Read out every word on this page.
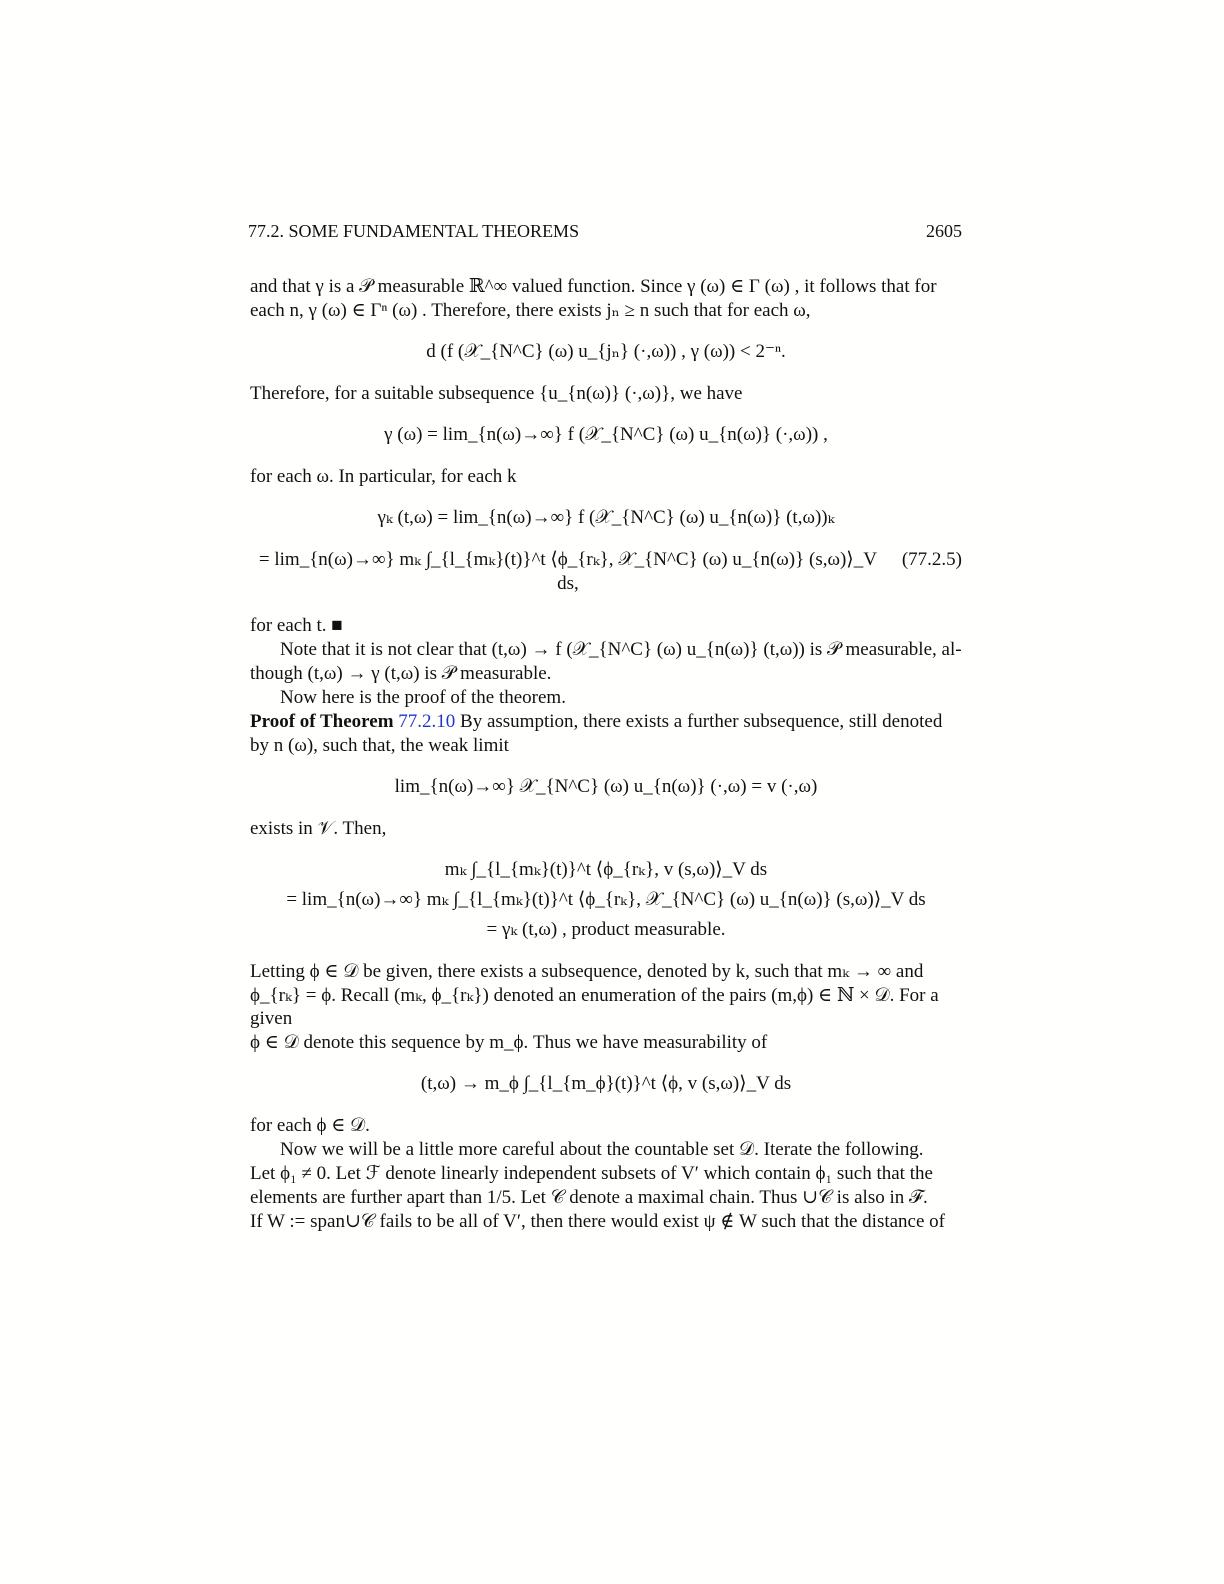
77.2. SOME FUNDAMENTAL THEOREMS	2605
and that γ is a 𝒫 measurable ℝ^∞ valued function. Since γ (ω) ∈ Γ (ω) , it follows that for
each n, γ (ω) ∈ Γⁿ (ω) . Therefore, there exists jₙ ≥ n such that for each ω,
d (f (𝒳_{N^C} (ω) u_{jₙ} (·,ω)) , γ (ω)) < 2⁻ⁿ.
Therefore, for a suitable subsequence {u_{n(ω)} (·,ω)}, we have
γ (ω) = lim_{n(ω)→∞} f (𝒳_{N^C} (ω) u_{n(ω)} (·,ω)) ,
for each ω. In particular, for each k
γₖ (t,ω) = lim_{n(ω)→∞} f (𝒳_{N^C} (ω) u_{n(ω)} (t,ω))ₖ
= lim_{n(ω)→∞} mₖ ∫_{l_{mₖ}(t)}^t ⟨ϕ_{rₖ}, 𝒳_{N^C} (ω) u_{n(ω)} (s,ω)⟩_V ds,
(77.2.5)
for each t. ■
Note that it is not clear that (t,ω) → f (𝒳_{N^C} (ω) u_{n(ω)} (t,ω)) is 𝒫 measurable, al-
though (t,ω) → γ (t,ω) is 𝒫 measurable.
Now here is the proof of the theorem.
Proof of Theorem 77.2.10 By assumption, there exists a further subsequence, still denoted
by n (ω), such that, the weak limit
lim_{n(ω)→∞} 𝒳_{N^C} (ω) u_{n(ω)} (·,ω) = v (·,ω)
exists in 𝒱. Then,
mₖ ∫_{l_{mₖ}(t)}^t ⟨ϕ_{rₖ}, v (s,ω)⟩_V ds
= lim_{n(ω)→∞} mₖ ∫_{l_{mₖ}(t)}^t ⟨ϕ_{rₖ}, 𝒳_{N^C} (ω) u_{n(ω)} (s,ω)⟩_V ds
= γₖ (t,ω) , product measurable.
Letting ϕ ∈ 𝒟 be given, there exists a subsequence, denoted by k, such that mₖ → ∞ and
ϕ_{rₖ} = ϕ. Recall (mₖ, ϕ_{rₖ}) denoted an enumeration of the pairs (m,ϕ) ∈ ℕ × 𝒟. For a given
ϕ ∈ 𝒟 denote this sequence by m_ϕ. Thus we have measurability of
(t,ω) → m_ϕ ∫_{l_{m_ϕ}(t)}^t ⟨ϕ, v (s,ω)⟩_V ds
for each ϕ ∈ 𝒟.
Now we will be a little more careful about the countable set 𝒟. Iterate the following.
Let ϕ₁ ≠ 0. Let ℱ denote linearly independent subsets of V′ which contain ϕ₁ such that the
elements are further apart than 1/5. Let 𝒞 denote a maximal chain. Thus ∪𝒞 is also in ℱ.
If W := span∪𝒞 fails to be all of V′, then there would exist ψ ∉ W such that the distance of
